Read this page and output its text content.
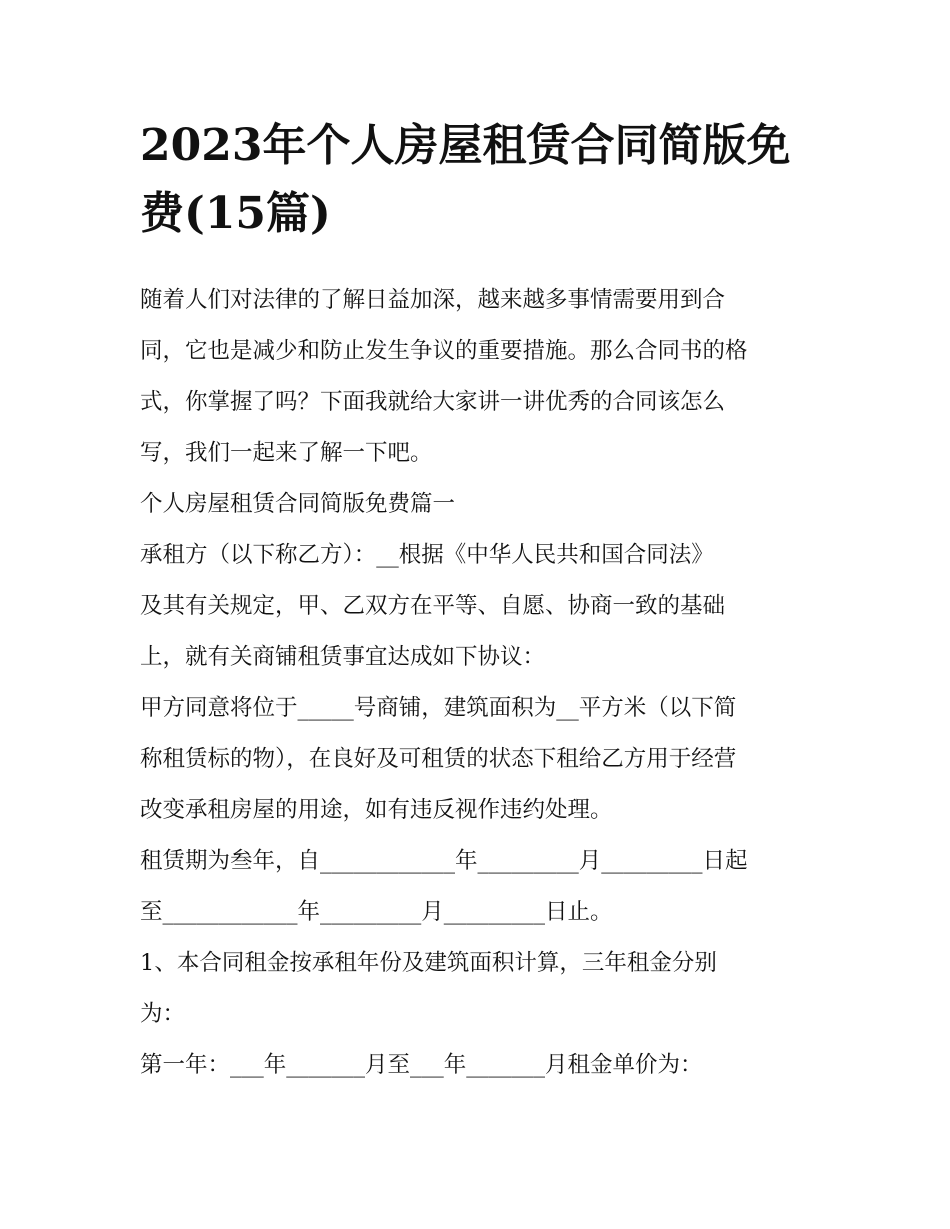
2023年个人房屋租赁合同简版免费(15篇)

随着人们对法律的了解日益加深，越来越多事情需要用到合

同，它也是减少和防止发生争议的重要措施。那么合同书的格

式，你掌握了吗？下面我就给大家讲一讲优秀的合同该怎么

写，我们一起来了解一下吧。

个人房屋租赁合同简版免费篇一

承租方（以下称乙方）：__根据《中华人民共和国合同法》

及其有关规定，甲、乙双方在平等、自愿、协商一致的基础

上，就有关商铺租赁事宜达成如下协议：

甲方同意将位于_____号商铺，建筑面积为__平方米（以下简

称租赁标的物），在良好及可租赁的状态下租给乙方用于经营

改变承租房屋的用途，如有违反视作违约处理。

租赁期为叁年，自____________年_________月_________日起

至____________年_________月_________日止。

1、本合同租金按承租年份及建筑面积计算，三年租金分别

为：

第一年：___年_______月至___年_______月租金单价为：
